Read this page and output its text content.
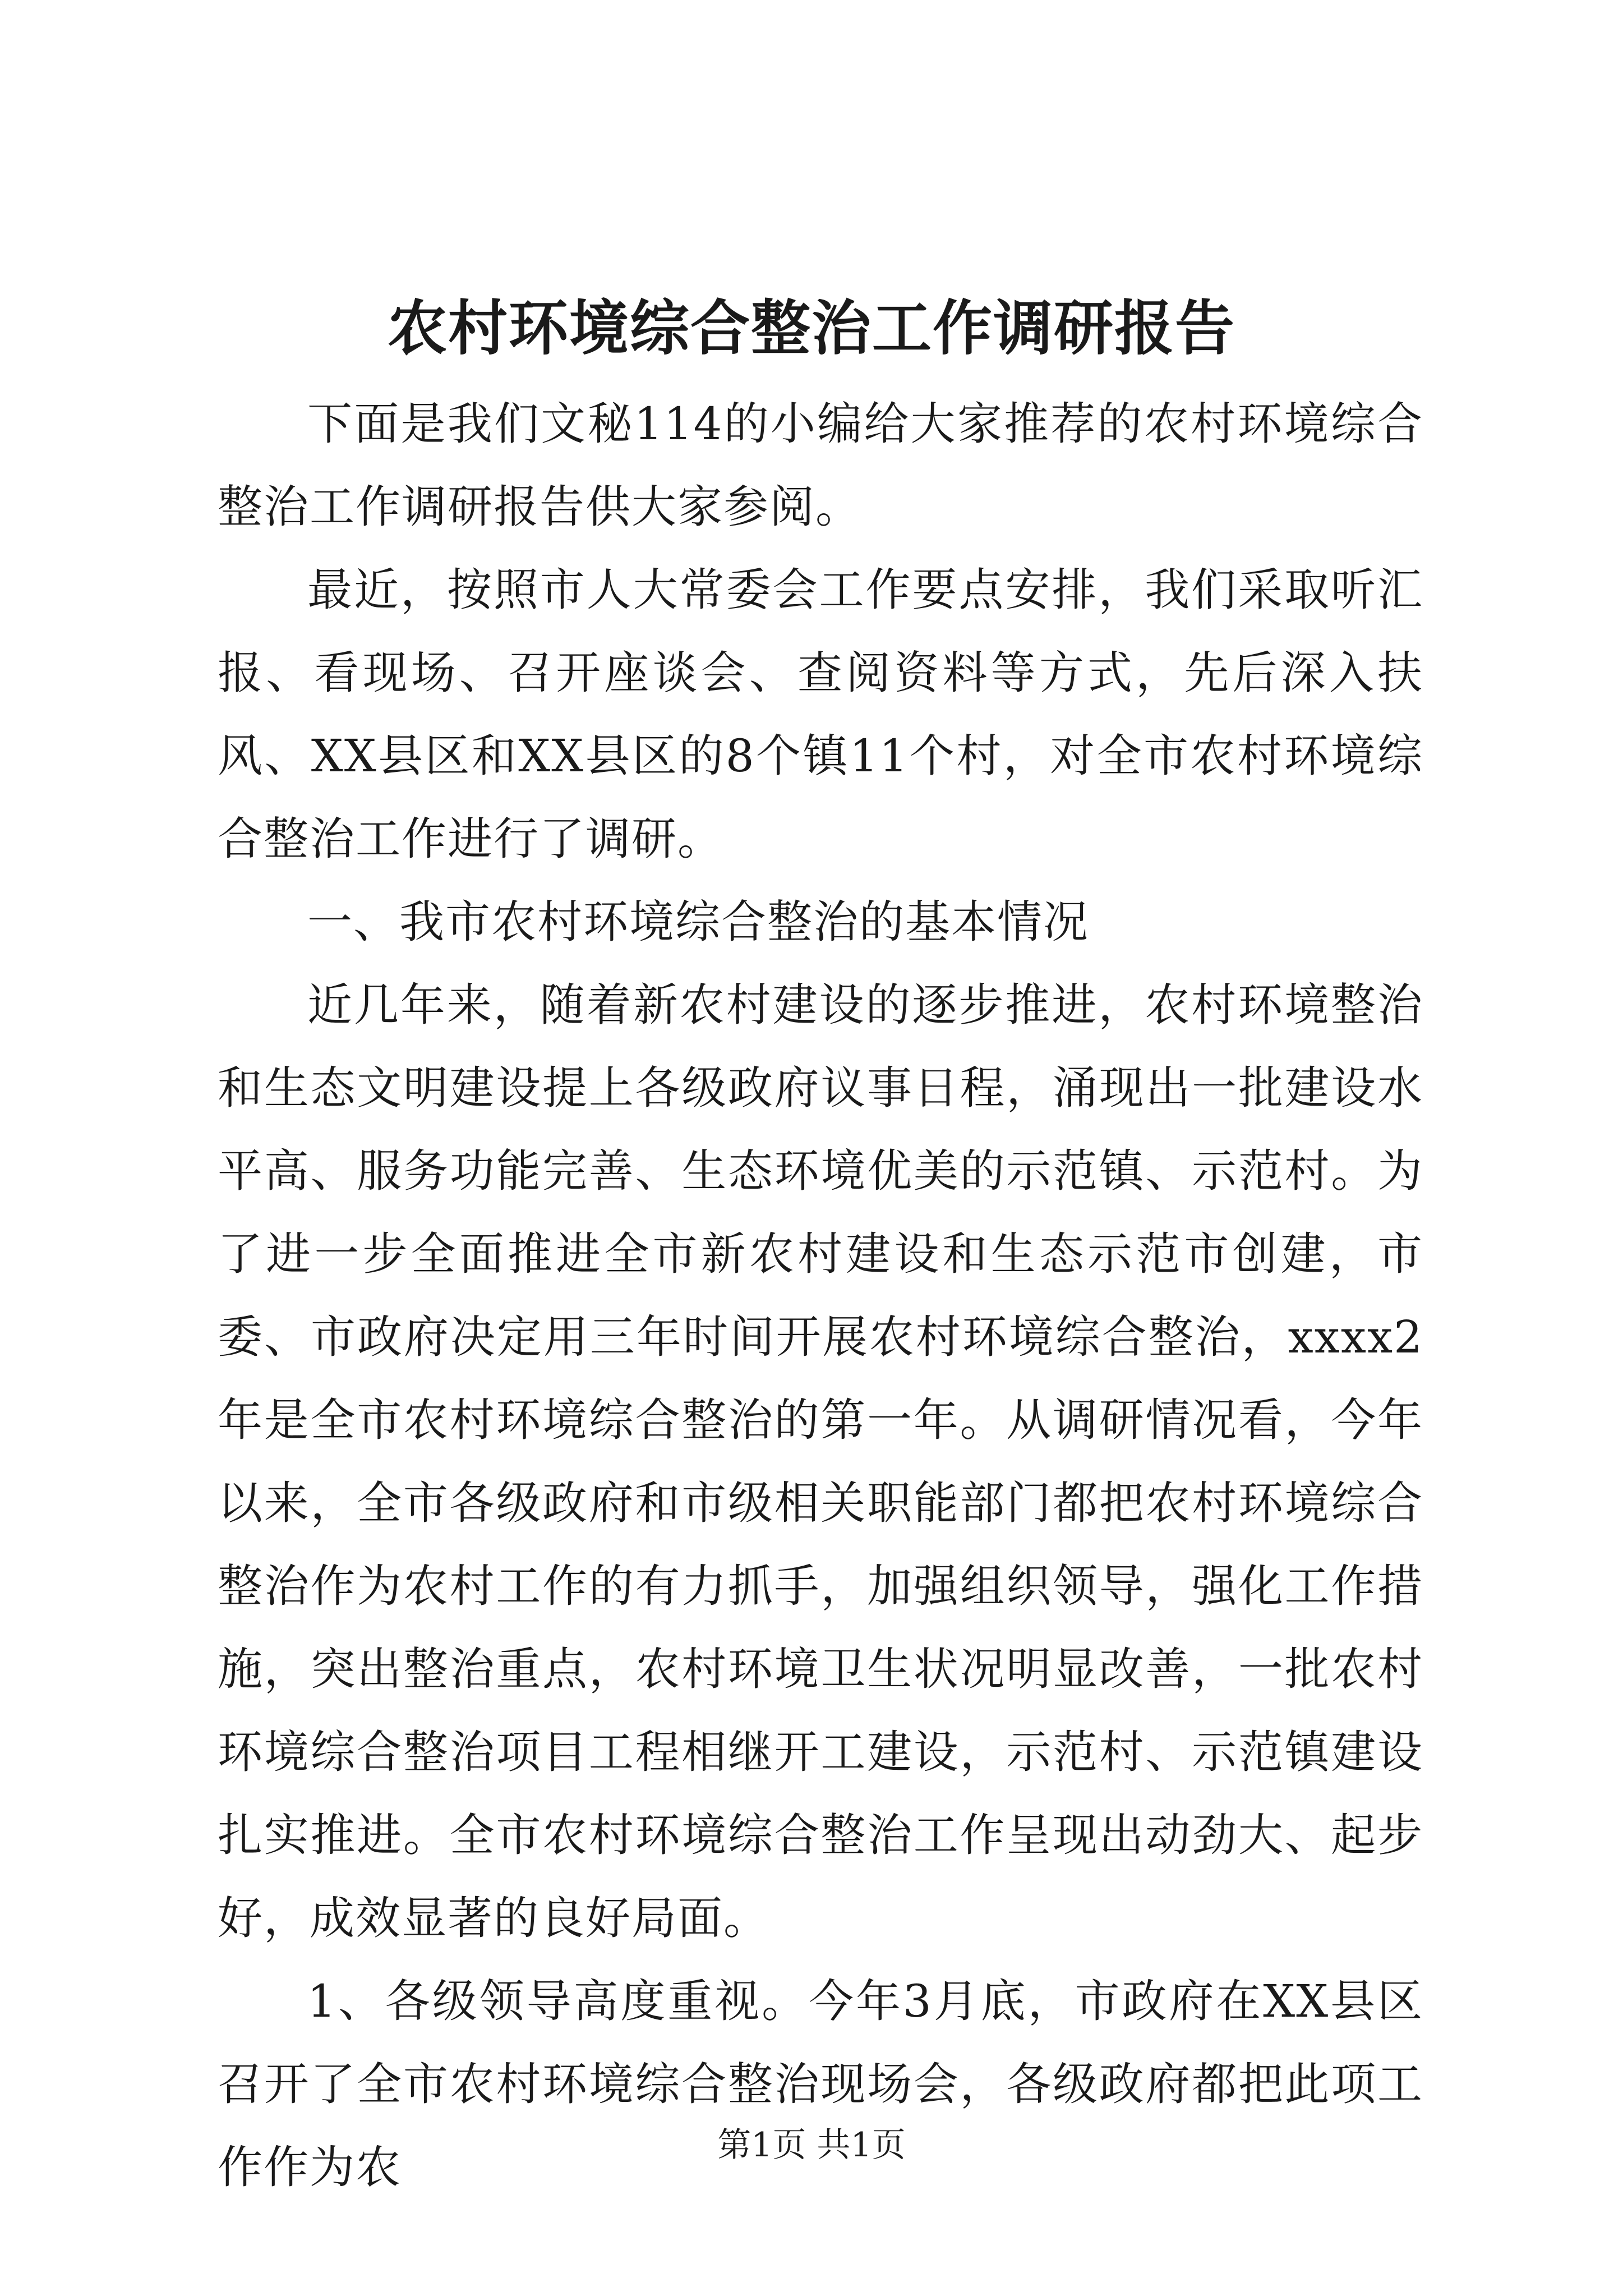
农村环境综合整治工作调研报告

下面是我们文秘114的小编给大家推荐的农村环境综合整治工作调研报告供大家参阅。

最近，按照市人大常委会工作要点安排，我们采取听汇报、看现场、召开座谈会、查阅资料等方式，先后深入扶风、XX县区和XX县区的8个镇11个村，对全市农村环境综合整治工作进行了调研。

一、我市农村环境综合整治的基本情况

近几年来，随着新农村建设的逐步推进，农村环境整治和生态文明建设提上各级政府议事日程，涌现出一批建设水平高、服务功能完善、生态环境优美的示范镇、示范村。为了进一步全面推进全市新农村建设和生态示范市创建，市委、市政府决定用三年时间开展农村环境综合整治，xxxx2年是全市农村环境综合整治的第一年。从调研情况看，今年以来，全市各级政府和市级相关职能部门都把农村环境综合整治作为农村工作的有力抓手，加强组织领导，强化工作措施，突出整治重点，农村环境卫生状况明显改善，一批农村环境综合整治项目工程相继开工建设，示范村、示范镇建设扎实推进。全市农村环境综合整治工作呈现出动劲大、起步好，成效显著的良好局面。

1、各级领导高度重视。今年3月底，市政府在XX县区召开了全市农村环境综合整治现场会，各级政府都把此项工作作为农	第1页 共1页
